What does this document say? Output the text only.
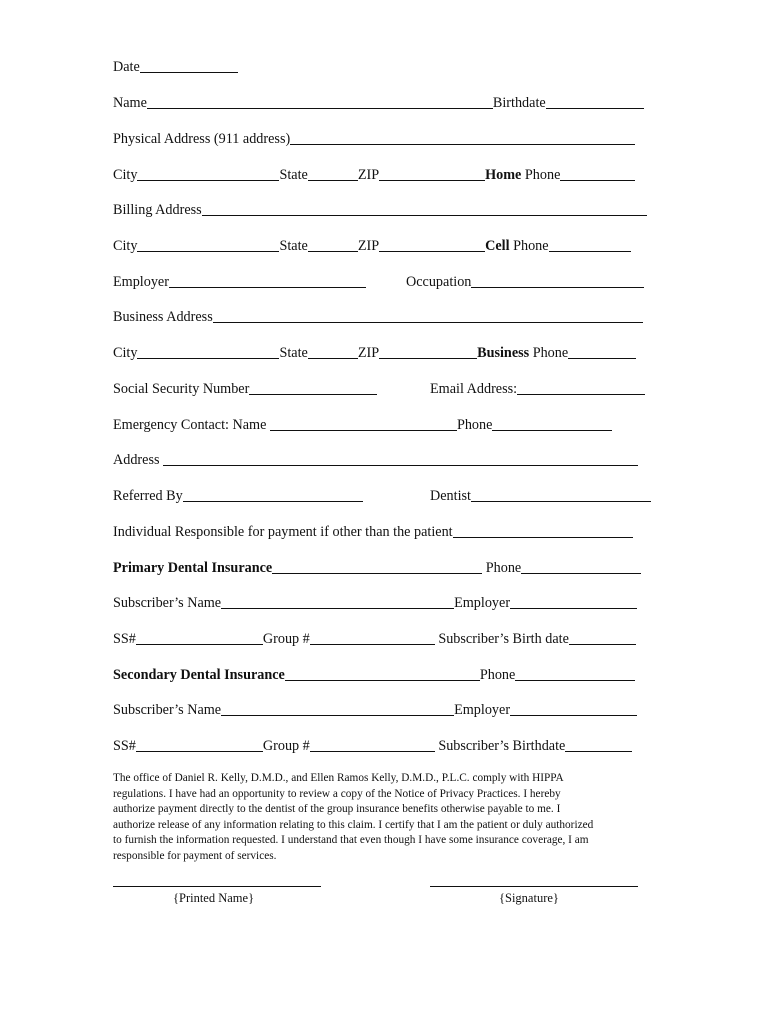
Date
Name	Birthdate
Physical Address (911 address)
City	State	ZIP	Home Phone
Billing Address
City	State	ZIP	Cell Phone
Employer	Occupation
Business Address
City	State	ZIP	Business Phone
Social Security Number	Email Address:
Emergency Contact: Name	Phone
Address
Referred By	Dentist
Individual Responsible for payment if other than the patient
Primary Dental Insurance	Phone
Subscriber’s Name	Employer
SS#	Group #	Subscriber’s Birth date
Secondary Dental Insurance	Phone
Subscriber’s Name	Employer
SS#	Group #	Subscriber’s Birthdate
The office of Daniel R. Kelly, D.M.D., and Ellen Ramos Kelly, D.M.D., P.L.C. comply with HIPPA
regulations. I have had an opportunity to review a copy of the Notice of Privacy Practices. I hereby
authorize payment directly to the dentist of the group insurance benefits otherwise payable to me. I
authorize release of any information relating to this claim. I certify that I am the patient or duly authorized
to furnish the information requested. I understand that even though I have some insurance coverage, I am
responsible for payment of services.
{Printed Name}	{Signature}
